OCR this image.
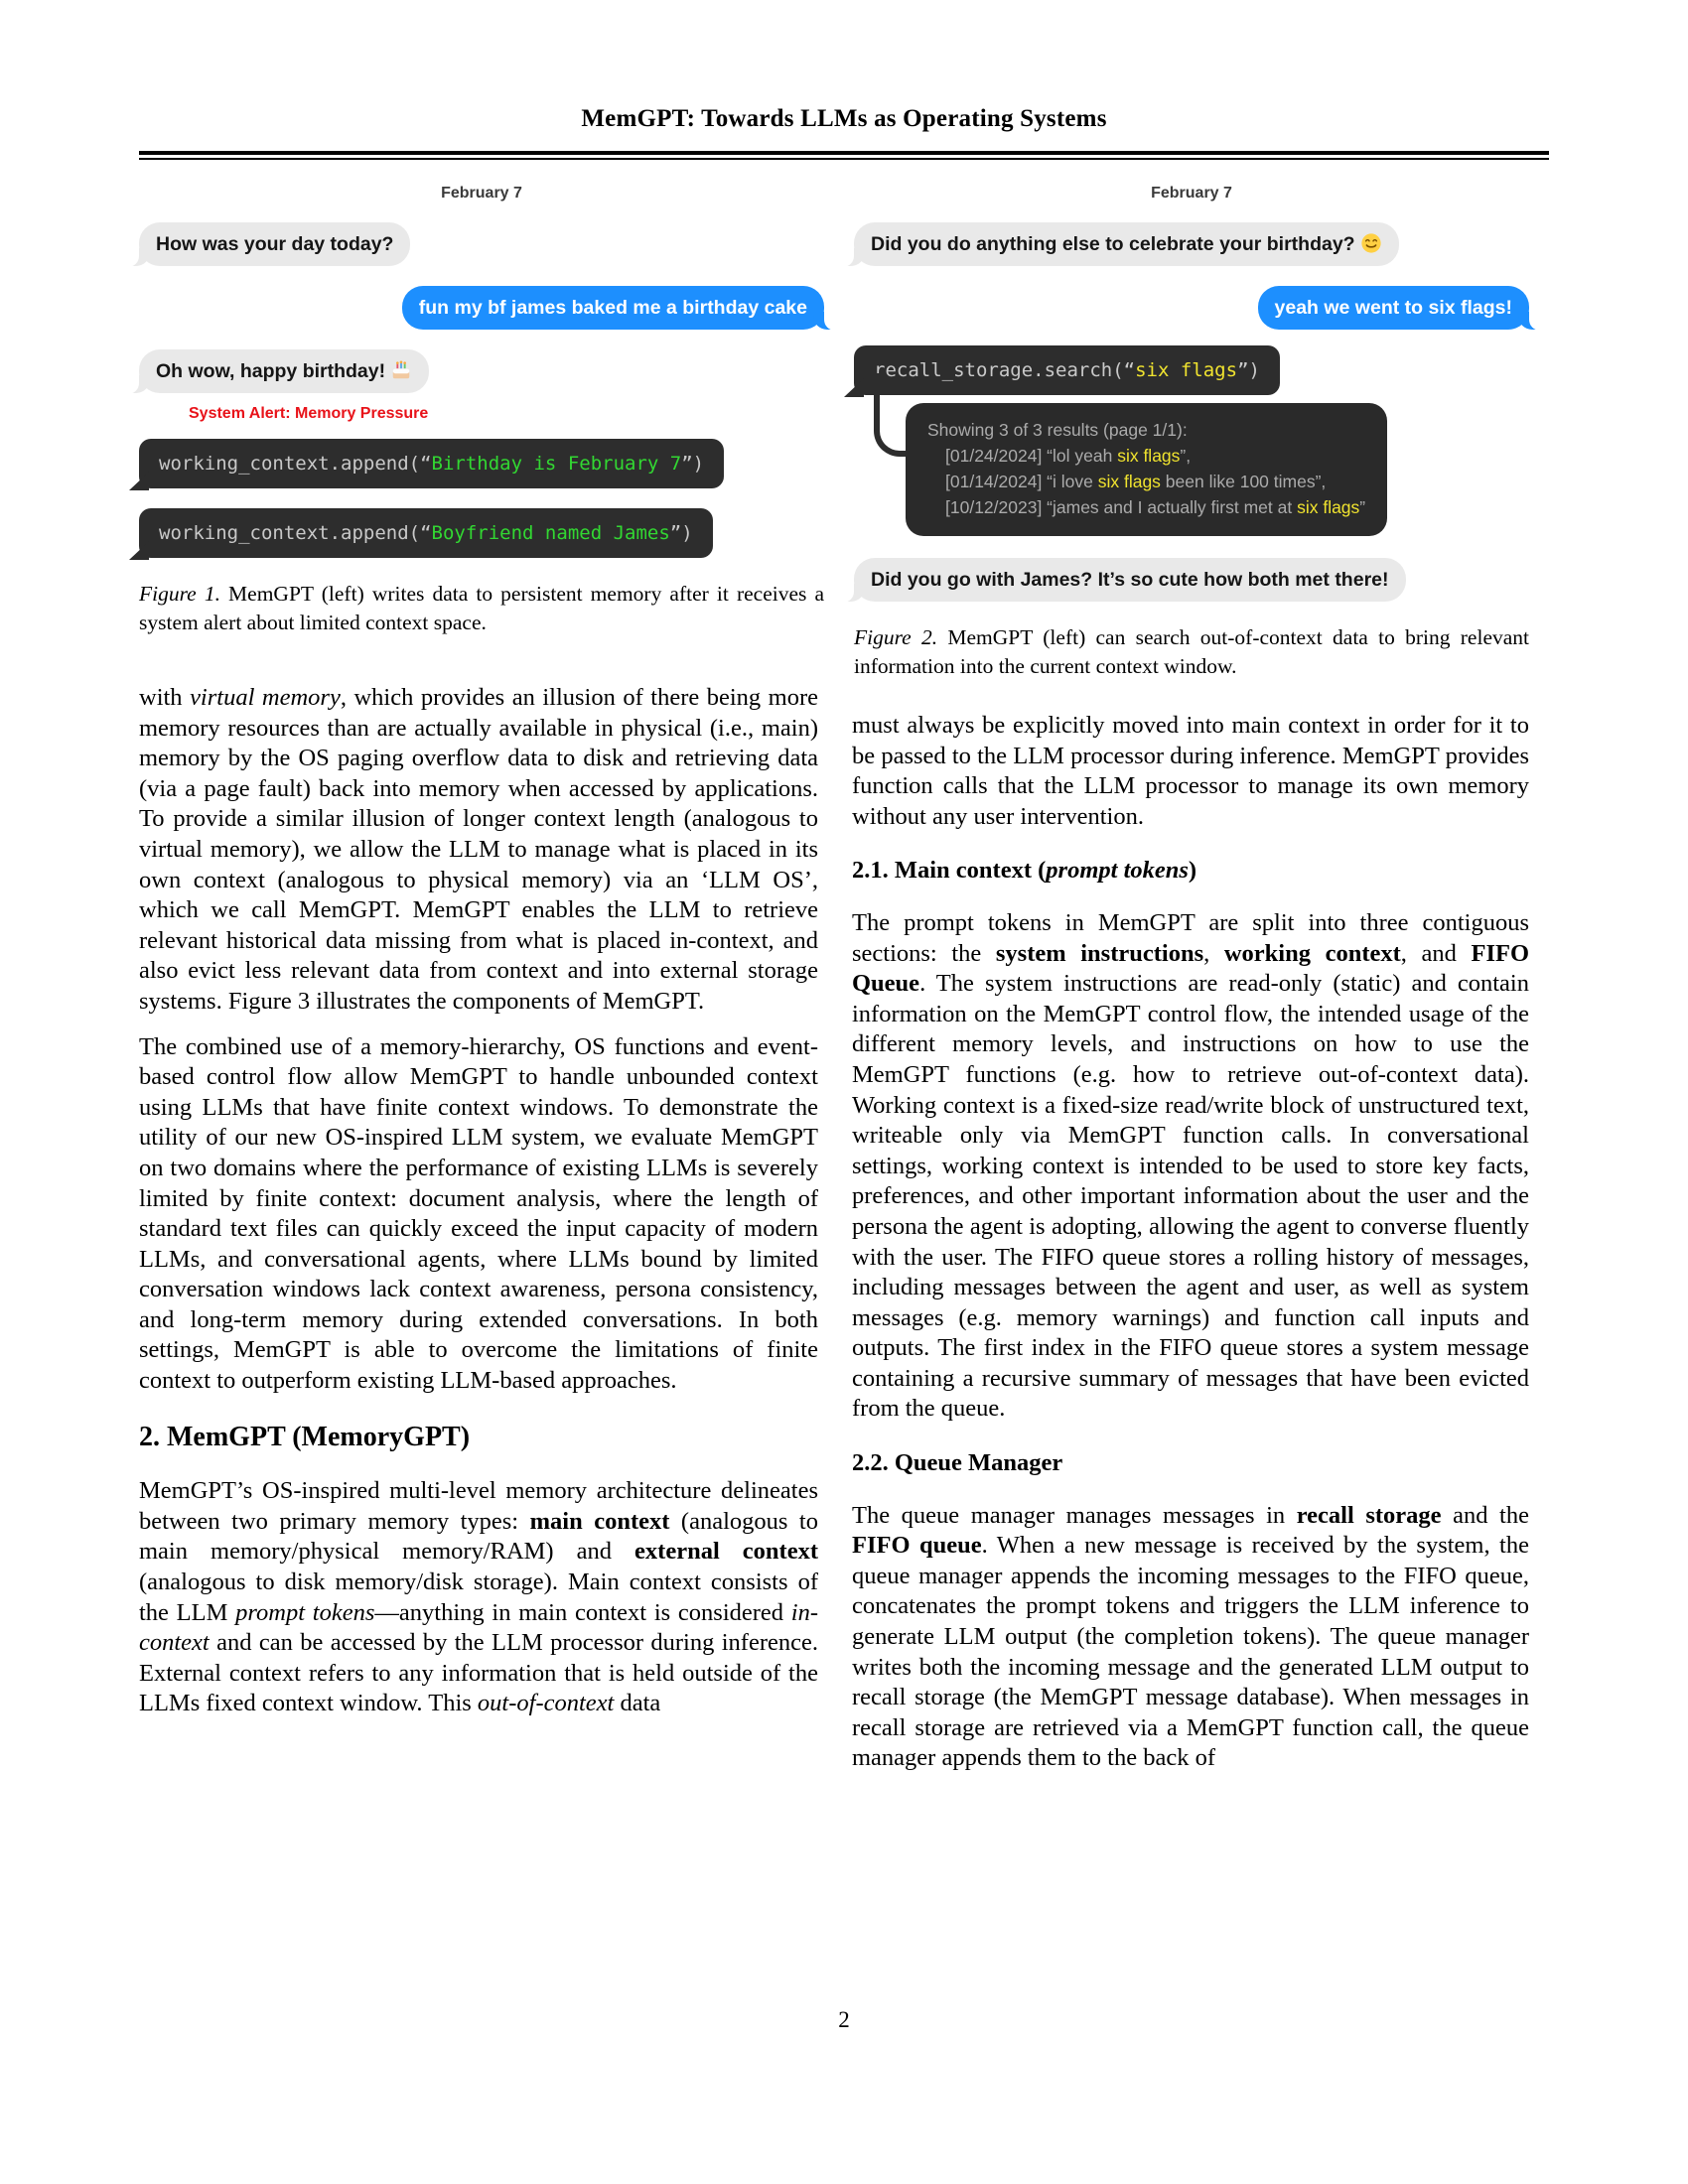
MemGPT: Towards LLMs as Operating Systems
February 7
How was your day today?
fun my bf james baked me a birthday cake
Oh wow, happy birthday!
System Alert: Memory Pressure
working_context.append(“Birthday is February 7”)
working_context.append(“Boyfriend named James”)
Figure 1. MemGPT (left) writes data to persistent memory after it receives a system alert about limited context space.
February 7
Did you do anything else to celebrate your birthday?
yeah we went to six flags!
recall_storage.search(“six flags”)
Showing 3 of 3 results (page 1/1):
[01/24/2024] “lol yeah six flags”,
[01/14/2024] “i love six flags been like 100 times”,
[10/12/2023] “james and I actually first met at six flags”
Did you go with James? It’s so cute how both met there!
Figure 2. MemGPT (left) can search out-of-context data to bring relevant information into the current context window.

with virtual memory, which provides an illusion of there being more memory resources than are actually available in physical (i.e., main) memory by the OS paging overflow data to disk and retrieving data (via a page fault) back into memory when accessed by applications. To provide a similar illusion of longer context length (analogous to virtual memory), we allow the LLM to manage what is placed in its own context (analogous to physical memory) via an ‘LLM OS’, which we call MemGPT. MemGPT enables the LLM to retrieve relevant historical data missing from what is placed in-context, and also evict less relevant data from context and into external storage systems. Figure 3 illustrates the components of MemGPT.

The combined use of a memory-hierarchy, OS functions and event-based control flow allow MemGPT to handle unbounded context using LLMs that have finite context windows. To demonstrate the utility of our new OS-inspired LLM system, we evaluate MemGPT on two domains where the performance of existing LLMs is severely limited by finite context: document analysis, where the length of standard text files can quickly exceed the input capacity of modern LLMs, and conversational agents, where LLMs bound by limited conversation windows lack context awareness, persona consistency, and long-term memory during extended conversations. In both settings, MemGPT is able to overcome the limitations of finite context to outperform existing LLM-based approaches.

2. MemGPT (MemoryGPT)

MemGPT’s OS-inspired multi-level memory architecture delineates between two primary memory types: main context (analogous to main memory/physical memory/RAM) and external context (analogous to disk memory/disk storage). Main context consists of the LLM prompt tokens—anything in main context is considered in-context and can be accessed by the LLM processor during inference. External context refers to any information that is held outside of the LLMs fixed context window. This out-of-context data

must always be explicitly moved into main context in order for it to be passed to the LLM processor during inference. MemGPT provides function calls that the LLM processor to manage its own memory without any user intervention.

2.1. Main context (prompt tokens)

The prompt tokens in MemGPT are split into three contiguous sections: the system instructions, working context, and FIFO Queue. The system instructions are read-only (static) and contain information on the MemGPT control flow, the intended usage of the different memory levels, and instructions on how to use the MemGPT functions (e.g. how to retrieve out-of-context data). Working context is a fixed-size read/write block of unstructured text, writeable only via MemGPT function calls. In conversational settings, working context is intended to be used to store key facts, preferences, and other important information about the user and the persona the agent is adopting, allowing the agent to converse fluently with the user. The FIFO queue stores a rolling history of messages, including messages between the agent and user, as well as system messages (e.g. memory warnings) and function call inputs and outputs. The first index in the FIFO queue stores a system message containing a recursive summary of messages that have been evicted from the queue.

2.2. Queue Manager

The queue manager manages messages in recall storage and the FIFO queue. When a new message is received by the system, the queue manager appends the incoming messages to the FIFO queue, concatenates the prompt tokens and triggers the LLM inference to generate LLM output (the completion tokens). The queue manager writes both the incoming message and the generated LLM output to recall storage (the MemGPT message database). When messages in recall storage are retrieved via a MemGPT function call, the queue manager appends them to the back of

2
